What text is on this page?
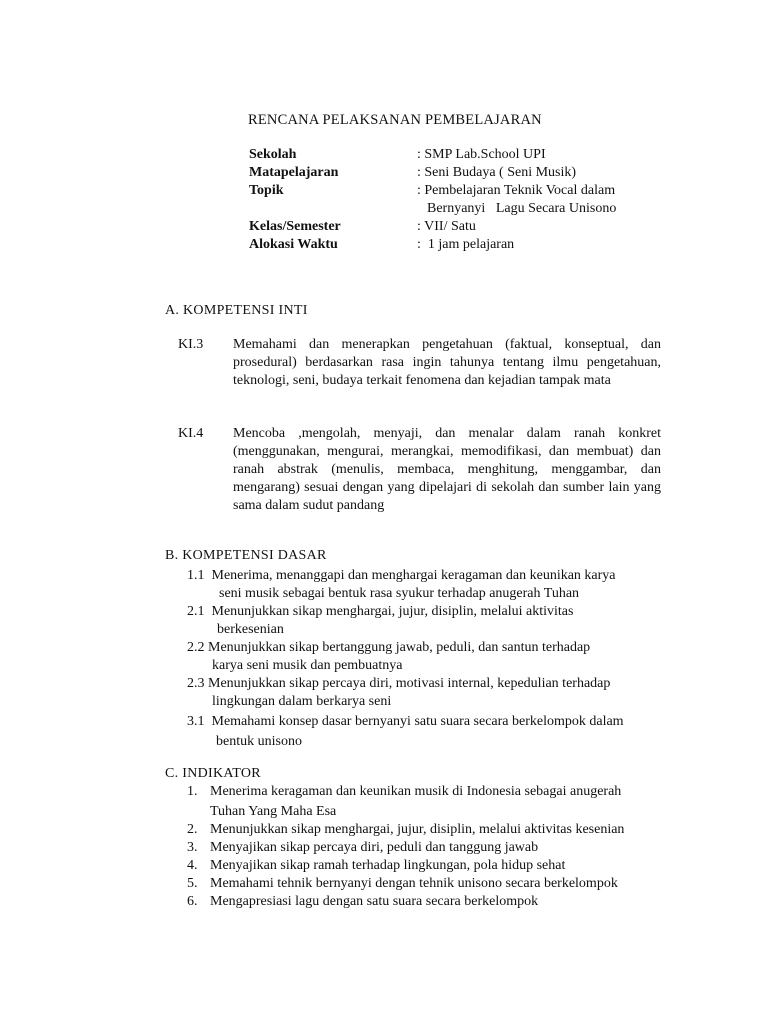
RENCANA PELAKSANAN PEMBELAJARAN
Sekolah	: SMP Lab.School UPI
Matapelajaran	: Seni Budaya ( Seni Musik)
Topik	: Pembelajaran Teknik Vocal dalam
Bernyanyi   Lagu Secara Unisono
Kelas/Semester	: VII/ Satu
Alokasi Waktu	:  1 jam pelajaran
A. KOMPETENSI INTI
KI.3 Memahami dan menerapkan pengetahuan (faktual, konseptual, dan prosedural) berdasarkan rasa ingin tahunya tentang ilmu pengetahuan, teknologi, seni, budaya terkait fenomena dan kejadian tampak mata
KI.4 Mencoba ,mengolah, menyaji, dan menalar dalam ranah konkret (menggunakan, mengurai, merangkai, memodifikasi, dan membuat) dan ranah abstrak (menulis, membaca, menghitung, menggambar, dan mengarang) sesuai dengan yang dipelajari di sekolah dan sumber lain yang sama dalam sudut pandang
B. KOMPETENSI DASAR
1.1  Menerima, menanggapi dan menghargai keragaman dan keunikan karya
seni musik sebagai bentuk rasa syukur terhadap anugerah Tuhan
2.1  Menunjukkan sikap menghargai, jujur, disiplin, melalui aktivitas
berkesenian
2.2 Menunjukkan sikap bertanggung jawab, peduli, dan santun terhadap
karya seni musik dan pembuatnya
2.3 Menunjukkan sikap percaya diri, motivasi internal, kepedulian terhadap
lingkungan dalam berkarya seni
3.1  Memahami konsep dasar bernyanyi satu suara secara berkelompok dalam
bentuk unisono
C. INDIKATOR
1. Menerima keragaman dan keunikan musik di Indonesia sebagai anugerah
Tuhan Yang Maha Esa
2. Menunjukkan sikap menghargai, jujur, disiplin, melalui aktivitas kesenian
3. Menyajikan sikap percaya diri, peduli dan tanggung jawab
4. Menyajikan sikap ramah terhadap lingkungan, pola hidup sehat
5. Memahami tehnik bernyanyi dengan tehnik unisono secara berkelompok
6. Mengapresiasi lagu dengan satu suara secara berkelompok
